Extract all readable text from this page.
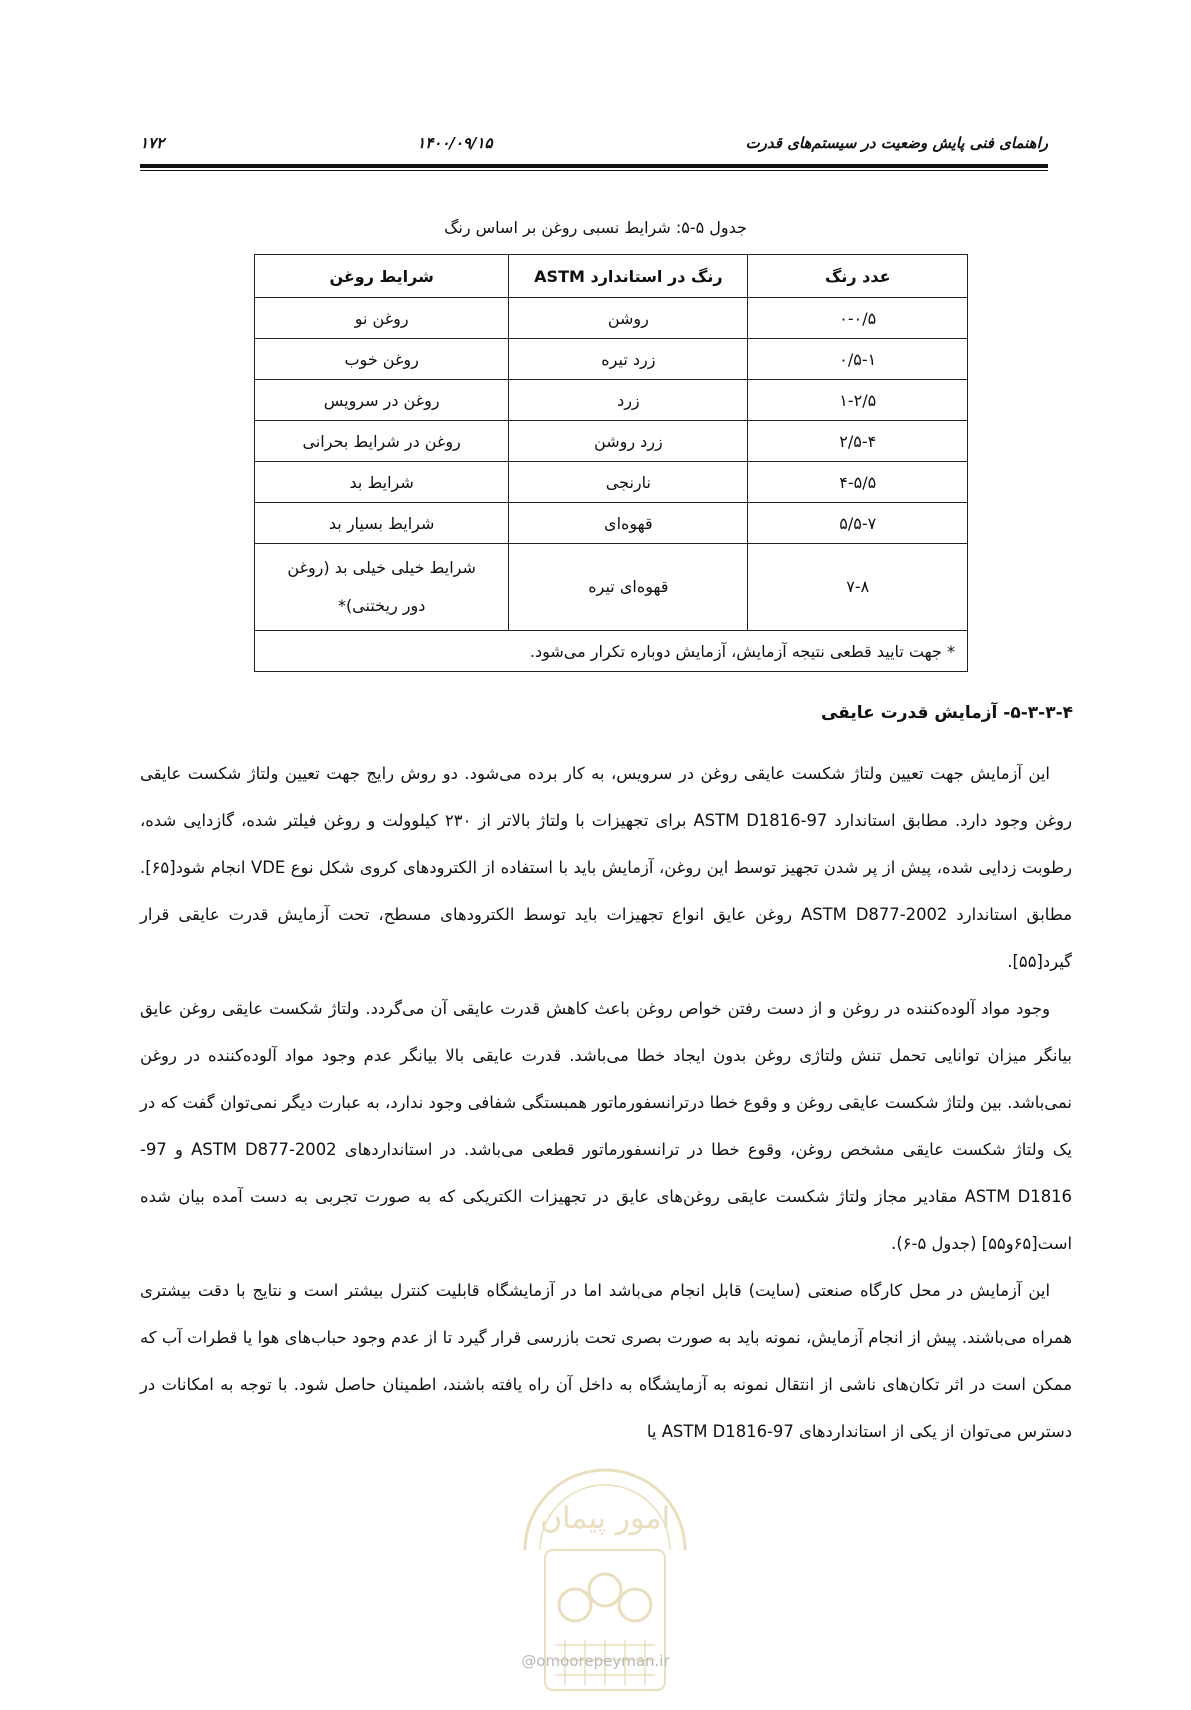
۱۷۲	۱۴۰۰/۰۹/۱۵	راهنمای فنی پایش وضعیت در سیستم‌های قدرت
جدول ۵-۵: شرایط نسبی روغن بر اساس رنگ
عدد رنگ	رنگ در استاندارد ASTM	شرایط روغن
۰-۰/۵	روشن	روغن نو
۰/۵-۱	زرد تیره	روغن خوب
۱-۲/۵	زرد	روغن در سرویس
۲/۵-۴	زرد روشن	روغن در شرایط بحرانی
۴-۵/۵	نارنجی	شرایط بد
۵/۵-۷	قهوه‌ای	شرایط بسیار بد
۷-۸	قهوه‌ای تیره	شرایط خیلی خیلی بد (روغن
دور ریختنی)*

* جهت تایید قطعی نتیجه آزمایش، آزمایش دوباره تکرار می‌شود.		
۵-۳-۳-۴- آزمایش قدرت عایقی

این آزمایش جهت تعیین ولتاژ شکست عایقی روغن در سرویس، به کار برده می‌شود. دو روش رایج جهت تعیین ولتاژ شکست عایقی روغن وجود دارد. مطابق استاندارد ASTM D1816-97 برای تجهیزات با ولتاژ بالاتر از ۲۳۰ کیلوولت و روغن فیلتر شده، گازدایی شده، رطوبت زدایی شده، پیش از پر شدن تجهیز توسط این روغن، آزمایش باید با استفاده از الکترودهای کروی شکل نوع VDE انجام شود[۶۵]. مطابق استاندارد ASTM D877-2002 روغن عایق انواع تجهیزات باید توسط الکترودهای مسطح، تحت آزمایش قدرت عایقی قرار گیرد[۵۵].

وجود مواد آلوده‌کننده در روغن و از دست رفتن خواص روغن باعث کاهش قدرت عایقی آن می‌گردد. ولتاژ شکست عایقی روغن عایق بیانگر میزان توانایی تحمل تنش ولتاژی روغن بدون ایجاد خطا می‌باشد. قدرت عایقی بالا بیانگر عدم وجود مواد آلوده‌کننده در روغن نمی‌باشد. بین ولتاژ شکست عایقی روغن و وقوع خطا درترانسفورماتور همبستگی شفافی وجود ندارد، به عبارت دیگر نمی‌توان گفت که در یک ولتاژ شکست عایقی مشخص روغن، وقوع خطا در ترانسفورماتور قطعی می‌باشد. در استانداردهای ASTM D877-2002 و 97- ASTM D1816 مقادیر مجاز ولتاژ شکست عایقی روغن‌های عایق در تجهیزات الکتریکی که به صورت تجربی به دست آمده بیان شده است[۶۵و۵۵] (جدول ۵-۶).

این آزمایش در محل کارگاه صنعتی (سایت) قابل انجام می‌باشد اما در آزمایشگاه قابلیت کنترل بیشتر است و نتایج با دقت بیشتری همراه می‌باشند. پیش از انجام آزمایش، نمونه باید به صورت بصری تحت بازرسی قرار گیرد تا از عدم وجود حباب‌های هوا یا قطرات آب که ممکن است در اثر تکان‌های ناشی از انتقال نمونه به آزمایشگاه به داخل آن راه یافته باشند، اطمینان حاصل شود. با توجه به امکانات در دسترس می‌توان از یکی از استانداردهای ASTM D1816-97 یا

امور پیمان
@omoorepeyman.ir
